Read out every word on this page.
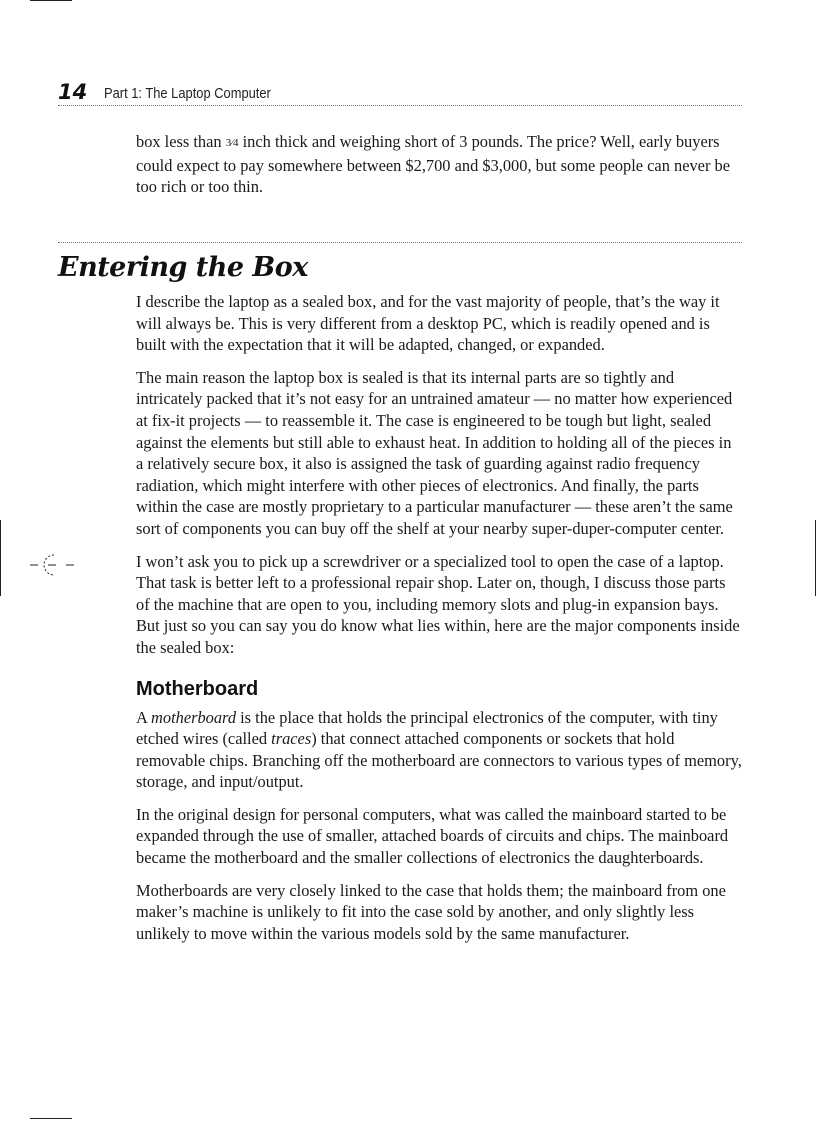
14 Part 1: The Laptop Computer

box less than 3⁄4 inch thick and weighing short of 3 pounds. The price? Well, early buyers could expect to pay somewhere between $2,700 and $3,000, but some people can never be too rich or too thin.

Entering the Box

I describe the laptop as a sealed box, and for the vast majority of people, that’s the way it will always be. This is very different from a desktop PC, which is readily opened and is built with the expectation that it will be adapted, changed, or expanded.

The main reason the laptop box is sealed is that its internal parts are so tightly and intricately packed that it’s not easy for an untrained amateur — no matter how experienced at fix-it projects — to reassemble it. The case is engineered to be tough but light, sealed against the elements but still able to exhaust heat. In addition to holding all of the pieces in a relatively secure box, it also is assigned the task of guarding against radio frequency radiation, which might interfere with other pieces of electronics. And finally, the parts within the case are mostly proprietary to a particular manufacturer — these aren’t the same sort of components you can buy off the shelf at your nearby super-duper-computer center.

I won’t ask you to pick up a screwdriver or a specialized tool to open the case of a laptop. That task is better left to a professional repair shop. Later on, though, I discuss those parts of the machine that are open to you, including memory slots and plug-in expansion bays. But just so you can say you do know what lies within, here are the major components inside the sealed box:

Motherboard

A motherboard is the place that holds the principal electronics of the computer, with tiny etched wires (called traces) that connect attached components or sockets that hold removable chips. Branching off the motherboard are connectors to various types of memory, storage, and input/output.

In the original design for personal computers, what was called the mainboard started to be expanded through the use of smaller, attached boards of circuits and chips. The mainboard became the motherboard and the smaller collections of electronics the daughterboards.

Motherboards are very closely linked to the case that holds them; the mainboard from one maker’s machine is unlikely to fit into the case sold by another, and only slightly less unlikely to move within the various models sold by the same manufacturer.
